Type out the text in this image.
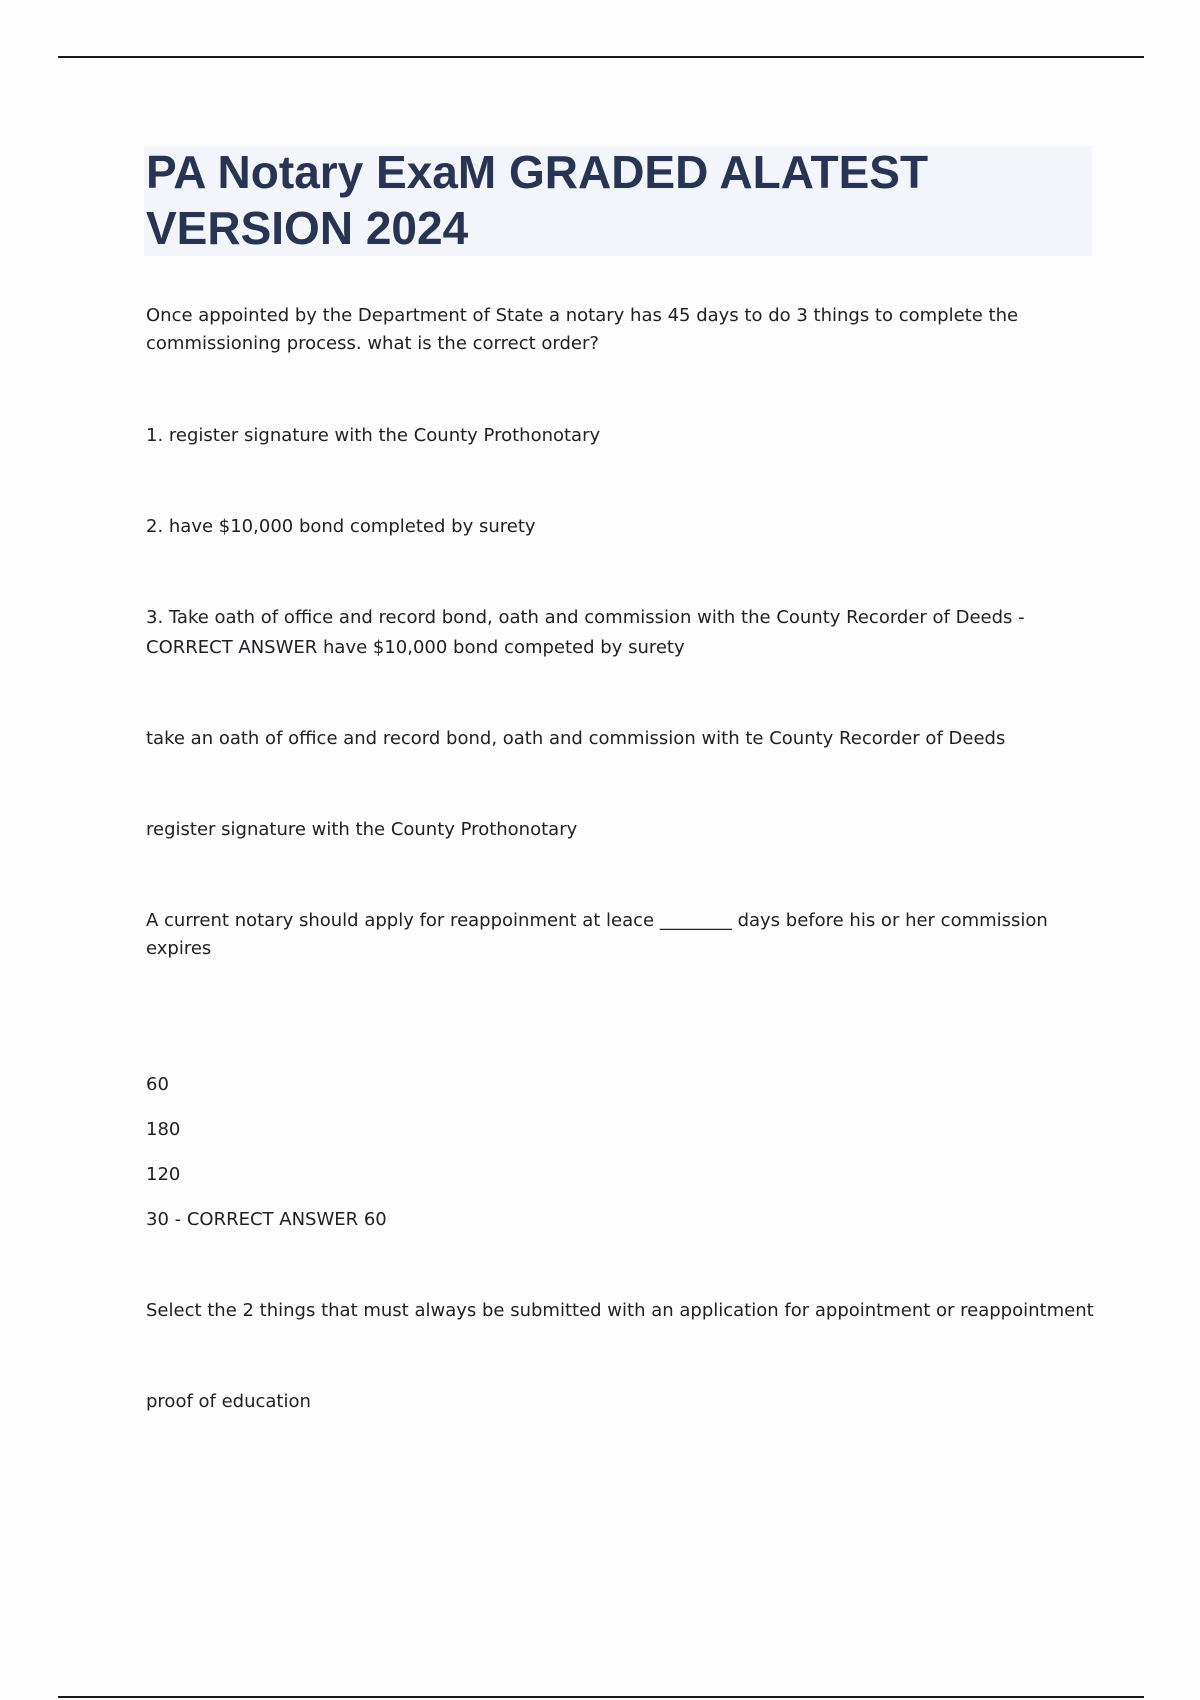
PA Notary ExaM GRADED ALATEST
VERSION 2024

Once appointed by the Department of State a notary has 45 days to do 3 things to complete the

commissioning process. what is the correct order?

1. register signature with the County Prothonotary

2. have $10,000 bond completed by surety

3. Take oath of office and record bond, oath and commission with the County Recorder of Deeds -

CORRECT ANSWER have $10,000 bond competed by surety

take an oath of office and record bond, oath and commission with te County Recorder of Deeds

register signature with the County Prothonotary

A current notary should apply for reappoinment at leace ________ days before his or her commission

expires

60

180

120

30 - CORRECT ANSWER 60

Select the 2 things that must always be submitted with an application for appointment or reappointment

proof of education
